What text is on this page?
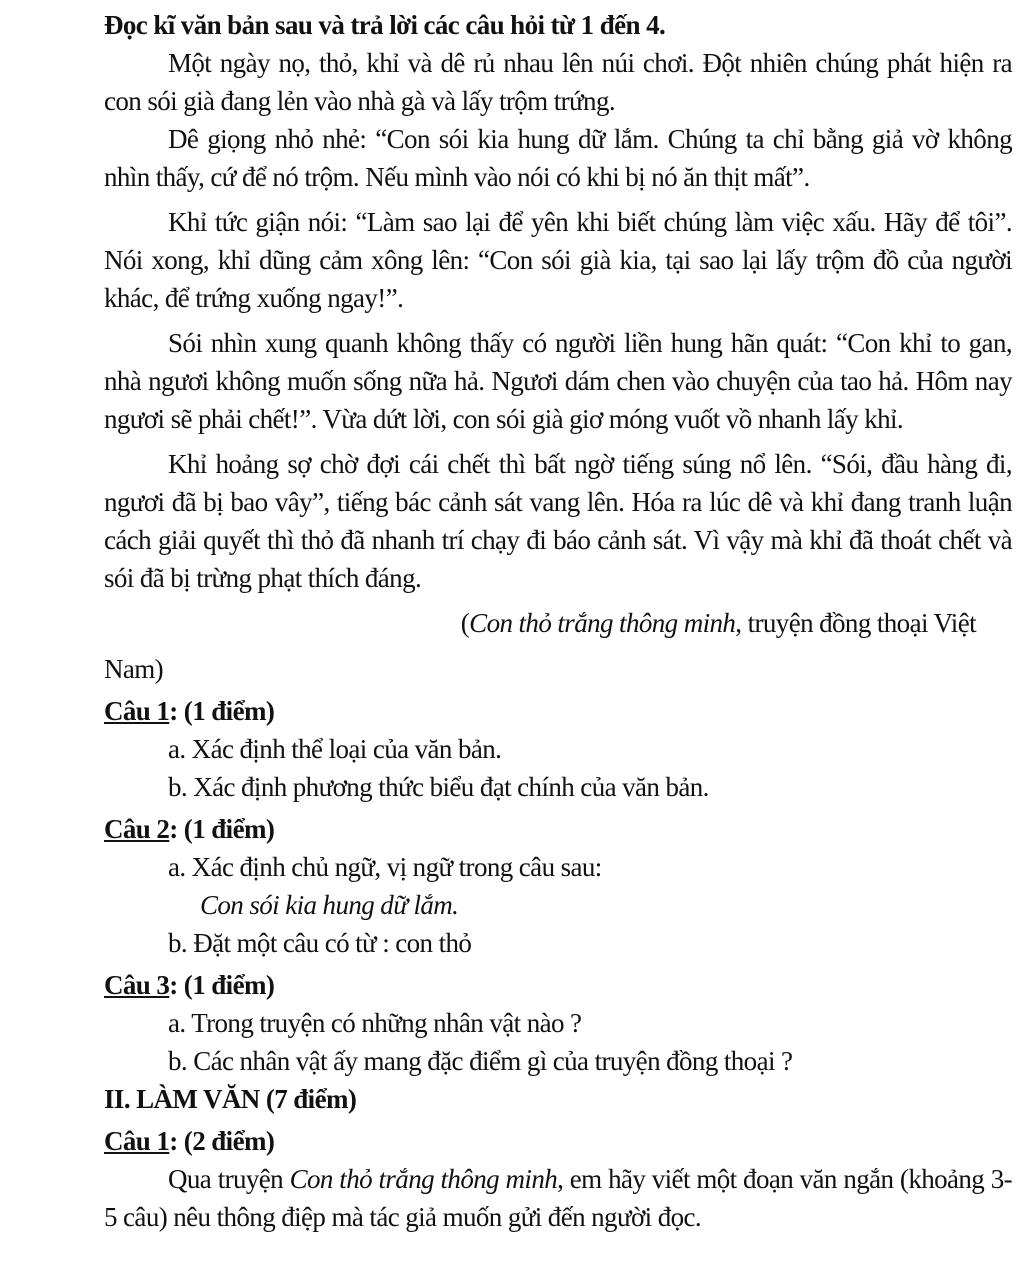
Đọc kĩ văn bản sau và trả lời các câu hỏi từ 1 đến 4.

Một ngày nọ, thỏ, khỉ và dê rủ nhau lên núi chơi. Đột nhiên chúng phát hiện ra con sói già đang lẻn vào nhà gà và lấy trộm trứng.

Dê giọng nhỏ nhẻ: “Con sói kia hung dữ lắm. Chúng ta chỉ bằng giả vờ không nhìn thấy, cứ để nó trộm. Nếu mình vào nói có khi bị nó ăn thịt mất”.

Khỉ tức giận nói: “Làm sao lại để yên khi biết chúng làm việc xấu. Hãy để tôi”. Nói xong, khỉ dũng cảm xông lên: “Con sói già kia, tại sao lại lấy trộm đồ của người khác, để trứng xuống ngay!”.

Sói nhìn xung quanh không thấy có người liền hung hãn quát: “Con khỉ to gan, nhà ngươi không muốn sống nữa hả. Ngươi dám chen vào chuyện của tao hả. Hôm nay ngươi sẽ phải chết!”. Vừa dứt lời, con sói già giơ móng vuốt vồ nhanh lấy khỉ.

Khỉ hoảng sợ chờ đợi cái chết thì bất ngờ tiếng súng nổ lên. “Sói, đầu hàng đi, ngươi đã bị bao vây”, tiếng bác cảnh sát vang lên. Hóa ra lúc dê và khỉ đang tranh luận cách giải quyết thì thỏ đã nhanh trí chạy đi báo cảnh sát. Vì vậy mà khỉ đã thoát chết và sói đã bị trừng phạt thích đáng.

(Con thỏ trắng thông minh, truyện đồng thoại Việt

Nam)

Câu 1: (1 điểm)

a. Xác định thể loại của văn bản.

b. Xác định phương thức biểu đạt chính của văn bản.

Câu 2: (1 điểm)

a. Xác định chủ ngữ, vị ngữ trong câu sau:

Con sói kia hung dữ lắm.

b. Đặt một câu có từ : con thỏ

Câu 3: (1 điểm)

a. Trong truyện có những nhân vật nào ?

b. Các nhân vật ấy mang đặc điểm gì của truyện đồng thoại ?

II. LÀM VĂN (7 điểm)

Câu 1: (2 điểm)

Qua truyện Con thỏ trắng thông minh, em hãy viết một đoạn văn ngắn (khoảng 3-5 câu) nêu thông điệp mà tác giả muốn gửi đến người đọc.
